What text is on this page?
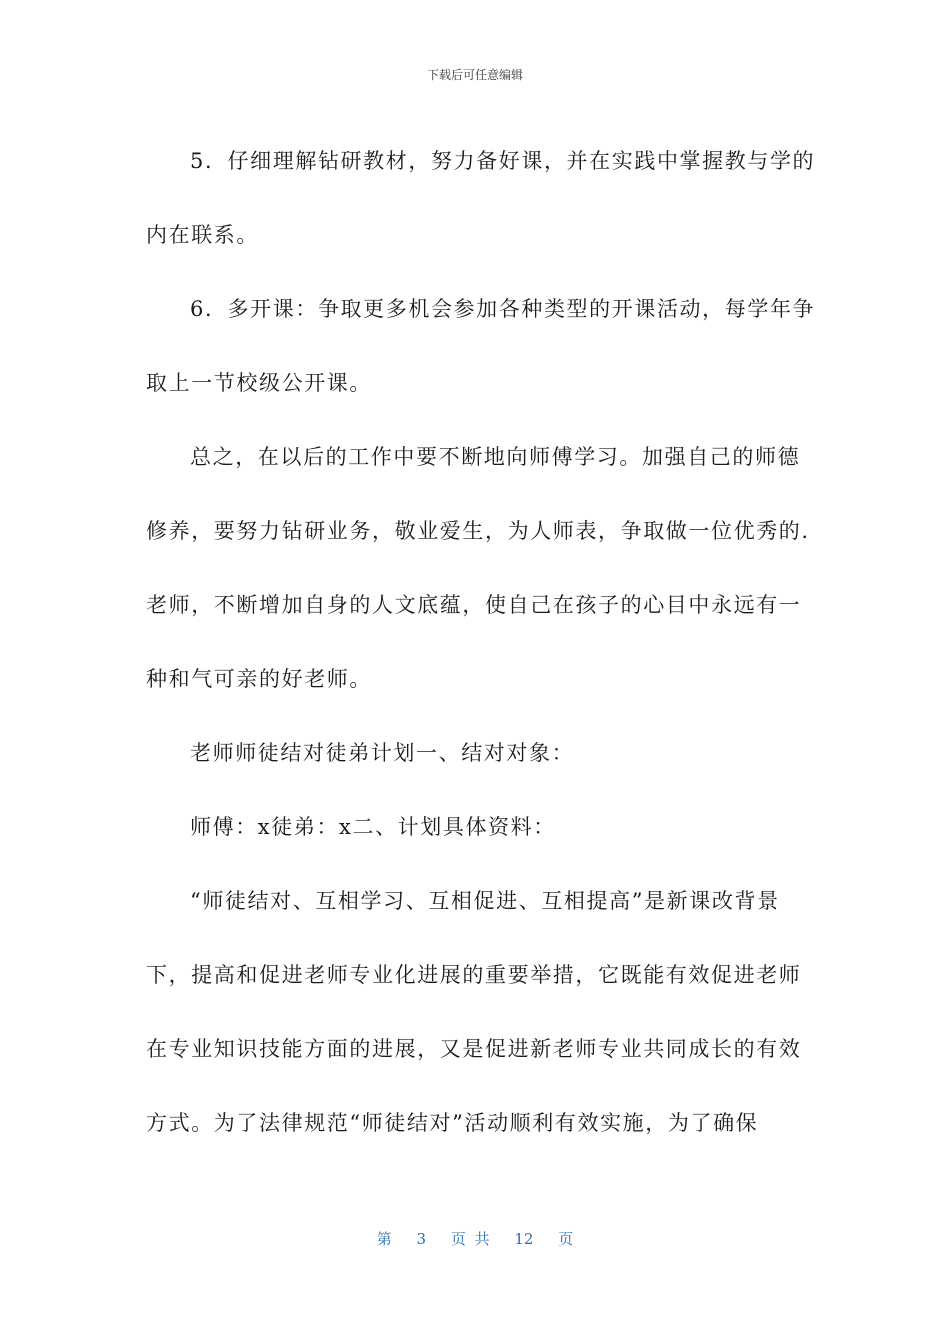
下载后可任意编辑
5．仔细理解钻研教材，努力备好课，并在实践中掌握教与学的
内在联系。
6．多开课：争取更多机会参加各种类型的开课活动，每学年争
取上一节校级公开课。
总之，在以后的工作中要不断地向师傅学习。加强自己的师德
修养，要努力钻研业务，敬业爱生，为人师表，争取做一位优秀的.
老师，不断增加自身的人文底蕴，使自己在孩子的心目中永远有一
种和气可亲的好老师。
老师师徒结对徒弟计划一、结对对象：
师傅：x徒弟：x二、计划具体资料：
“师徒结对、互相学习、互相促进、互相提高”是新课改背景
下，提高和促进老师专业化进展的重要举措，它既能有效促进老师
在专业知识技能方面的进展，又是促进新老师专业共同成长的有效
方式。为了法律规范“师徒结对”活动顺利有效实施，为了确保
第 3 页 共 12 页
